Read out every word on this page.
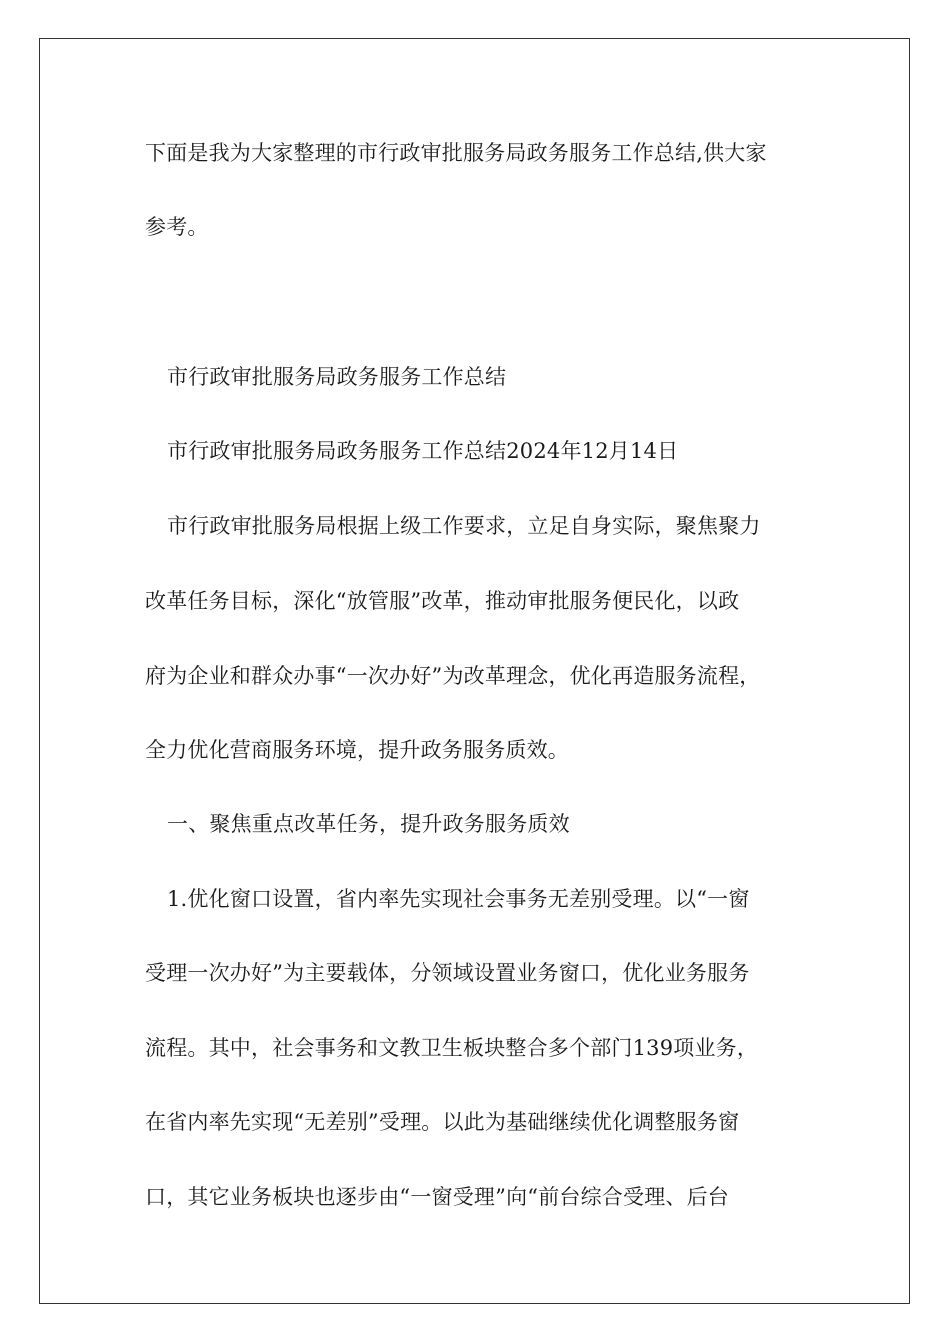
下面是我为大家整理的市行政审批服务局政务服务工作总结,供大家
参考。
市行政审批服务局政务服务工作总结
市行政审批服务局政务服务工作总结2024年12月14日
市行政审批服务局根据上级工作要求，立足自身实际，聚焦聚力
改革任务目标，深化“放管服”改革，推动审批服务便民化，以政
府为企业和群众办事“一次办好”为改革理念，优化再造服务流程，
全力优化营商服务环境，提升政务服务质效。
一、聚焦重点改革任务，提升政务服务质效
1.优化窗口设置，省内率先实现社会事务无差别受理。以“一窗
受理一次办好”为主要载体，分领域设置业务窗口，优化业务服务
流程。其中，社会事务和文教卫生板块整合多个部门139项业务，
在省内率先实现“无差别”受理。以此为基础继续优化调整服务窗
口，其它业务板块也逐步由“一窗受理”向“前台综合受理、后台
